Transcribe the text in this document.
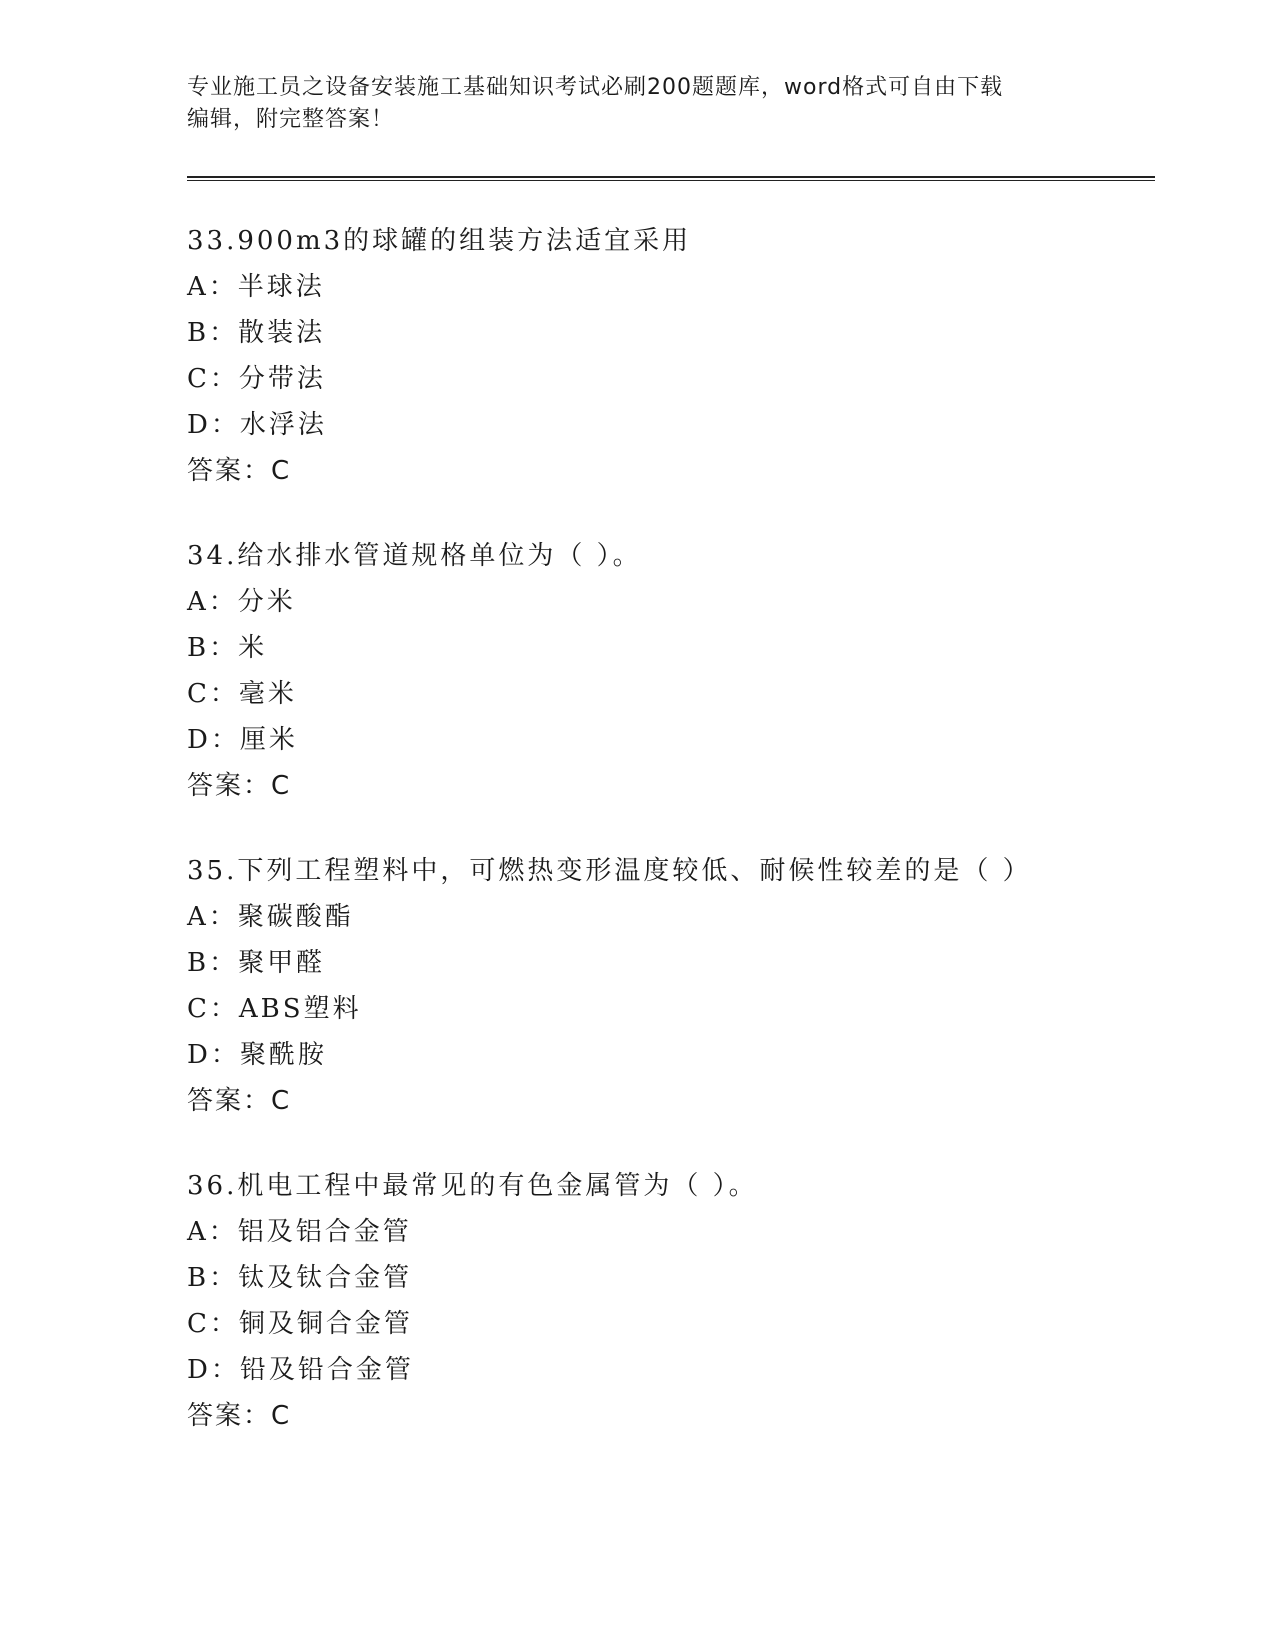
专业施工员之设备安装施工基础知识考试必刷200题题库，word格式可自由下载
编辑，附完整答案！
33.900m3的球罐的组装方法适宜采用
A：半球法
B：散装法
C：分带法
D：水浮法
答案：C
34.给水排水管道规格单位为（ ）。
A：分米
B：米
C：毫米
D：厘米
答案：C
35.下列工程塑料中，可燃热变形温度较低、耐候性较差的是（ ）
A：聚碳酸酯
B：聚甲醛
C：ABS塑料
D：聚酰胺
答案：C
36.机电工程中最常见的有色金属管为（ ）。
A：铝及铝合金管
B：钛及钛合金管
C：铜及铜合金管
D：铅及铅合金管
答案：C
